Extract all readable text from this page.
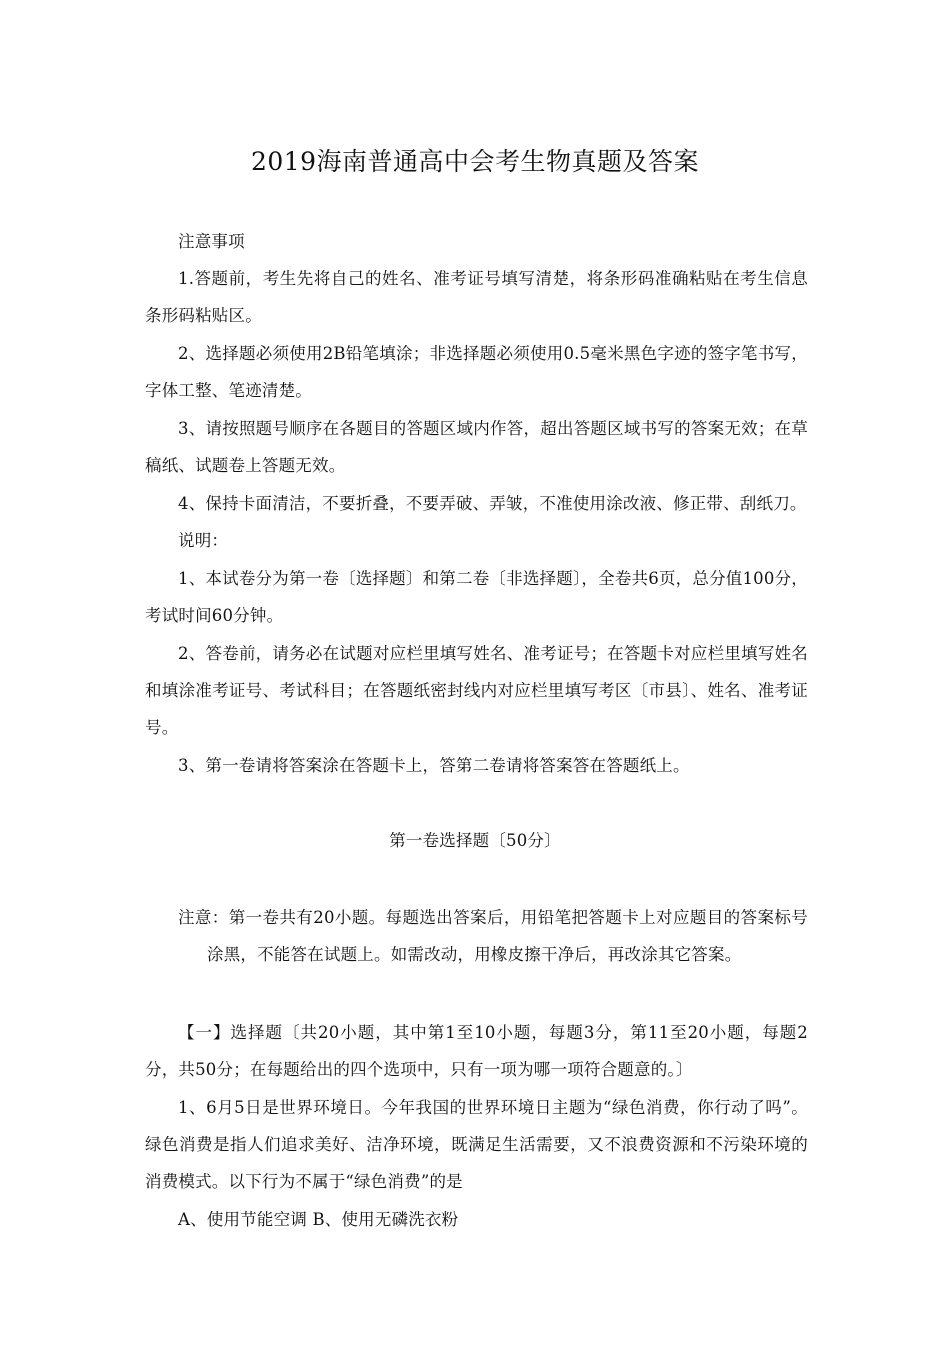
2019海南普通高中会考生物真题及答案
注意事项
1.答题前，考生先将自己的姓名、准考证号填写清楚，将条形码准确粘贴在考生信息
条形码粘贴区。
2、选择题必须使用2B铅笔填涂；非选择题必须使用0.5毫米黑色字迹的签字笔书写，
字体工整、笔迹清楚。
3、请按照题号顺序在各题目的答题区域内作答，超出答题区域书写的答案无效；在草
稿纸、试题卷上答题无效。
4、保持卡面清洁，不要折叠，不要弄破、弄皱，不准使用涂改液、修正带、刮纸刀。
说明：
1、本试卷分为第一卷〔选择题〕和第二卷〔非选择题〕，全卷共6页，总分值100分，
考试时间60分钟。
2、答卷前，请务必在试题对应栏里填写姓名、准考证号；在答题卡对应栏里填写姓名
和填涂准考证号、考试科目；在答题纸密封线内对应栏里填写考区〔市县〕、姓名、准考证
号。
3、第一卷请将答案涂在答题卡上，答第二卷请将答案答在答题纸上。
第一卷选择题〔50分〕
注意：第一卷共有20小题。每题选出答案后，用铅笔把答题卡上对应题目的答案标号
涂黑，不能答在试题上。如需改动，用橡皮擦干净后，再改涂其它答案。
【一】选择题〔共20小题，其中第1至10小题，每题3分，第11至20小题，每题2
分，共50分；在每题给出的四个选项中，只有一项为哪一项符合题意的。〕
1、6月5日是世界环境日。今年我国的世界环境日主题为“绿色消费，你行动了吗”。
绿色消费是指人们追求美好、洁净环境，既满足生活需要，又不浪费资源和不污染环境的
消费模式。以下行为不属于“绿色消费”的是
A、使用节能空调 B、使用无磷洗衣粉
